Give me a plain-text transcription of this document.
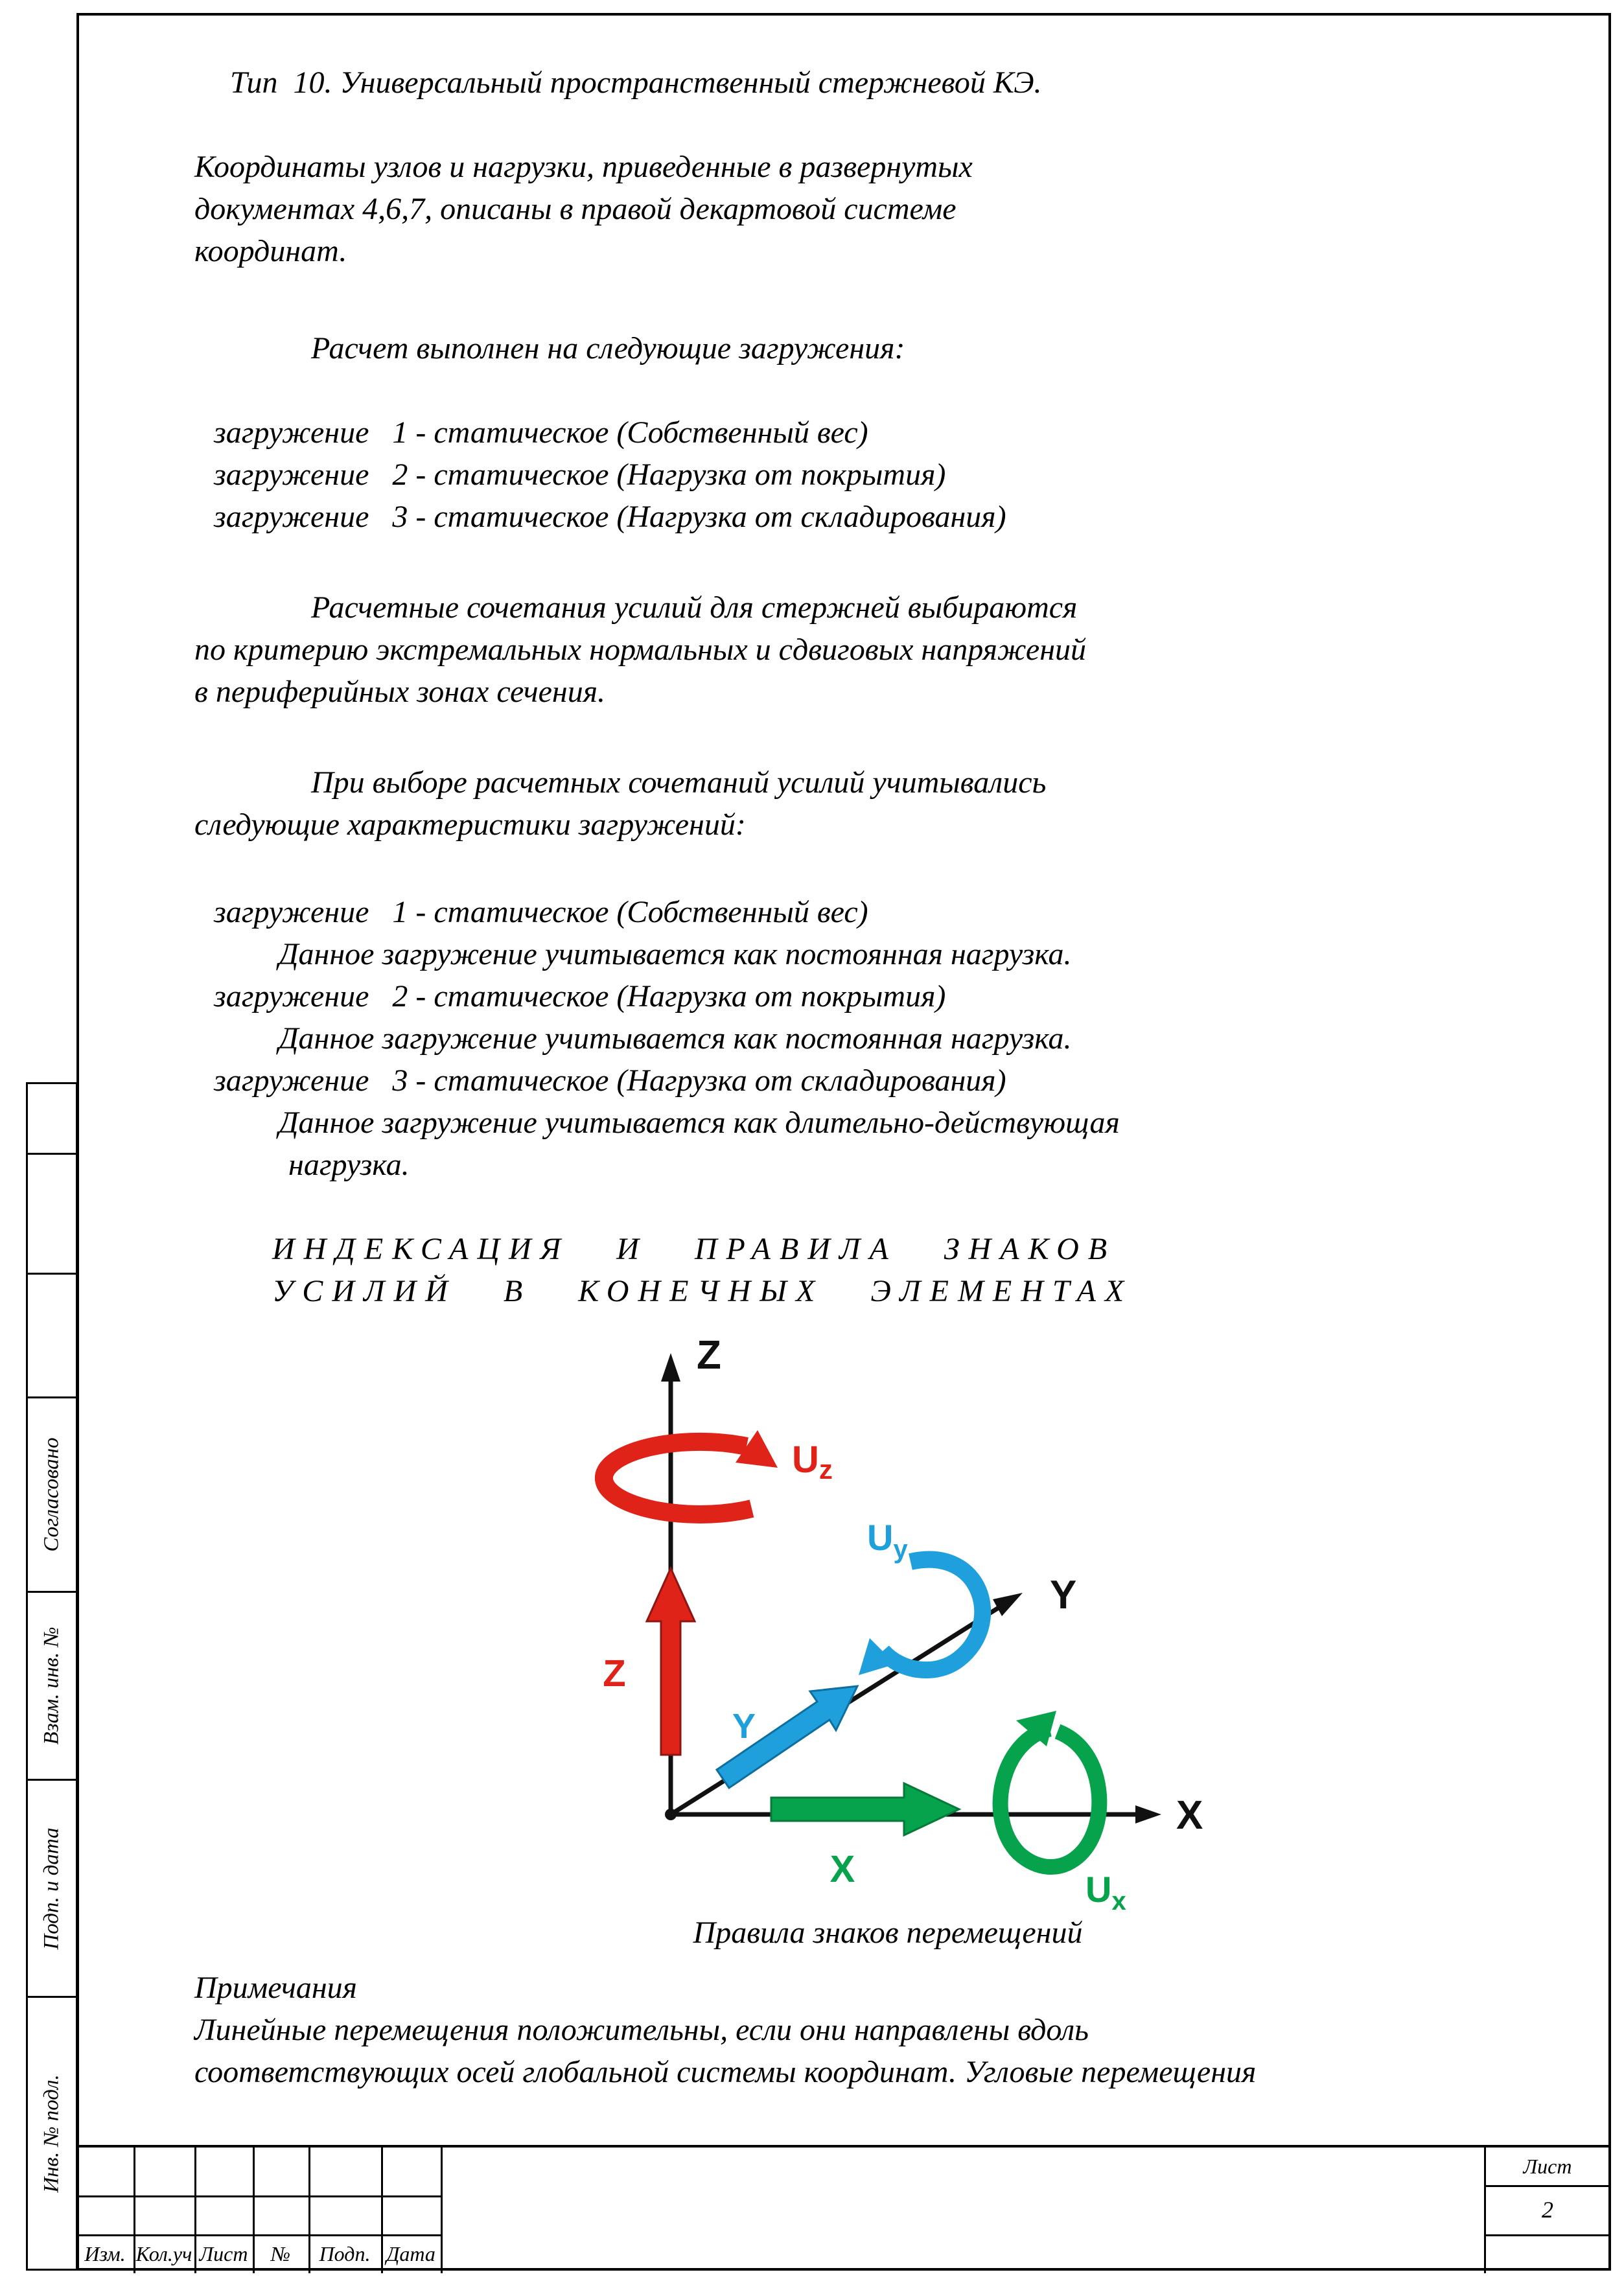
Тип  10. Универсальный пространственный стержневой КЭ.
Координаты узлов и нагрузки, приведенные в развернутых
документах 4,6,7, описаны в правой декартовой системе
координат.
Расчет выполнен на следующие загружения:
загружение   1 - статическое (Собственный вес)
загружение   2 - статическое (Нагрузка от покрытия)
загружение   3 - статическое (Нагрузка от складирования)
Расчетные сочетания усилий для стержней выбираются
по критерию экстремальных нормальных и сдвиговых напряжений
в периферийных зонах сечения.
При выборе расчетных сочетаний усилий учитывались
следующие характеристики загружений:
загружение   1 - статическое (Собственный вес)
Данное загружение учитывается как постоянная нагрузка.
загружение   2 - статическое (Нагрузка от покрытия)
Данное загружение учитывается как постоянная нагрузка.
загружение   3 - статическое (Нагрузка от складирования)
Данное загружение учитывается как длительно-действующая
нагрузка.
ИНДЕКСАЦИЯ  И  ПРАВИЛА  ЗНАКОВ
УСИЛИЙ  В  КОНЕЧНЫХ  ЭЛЕМЕНТАХ
Z
Y
X
Z
Uz
Y
$U_y$
X	$U_x$
Правила знаков перемещений
Примечания
Линейные перемещения положительны, если они направлены вдоль
соответствующих осей глобальной системы координат. Угловые перемещения
Согласовано
Взам. инв. №
Подп. и дата
Инв. № подл.
Изм. Кол.уч Лист	№	Подп. Дата
Лист
2
